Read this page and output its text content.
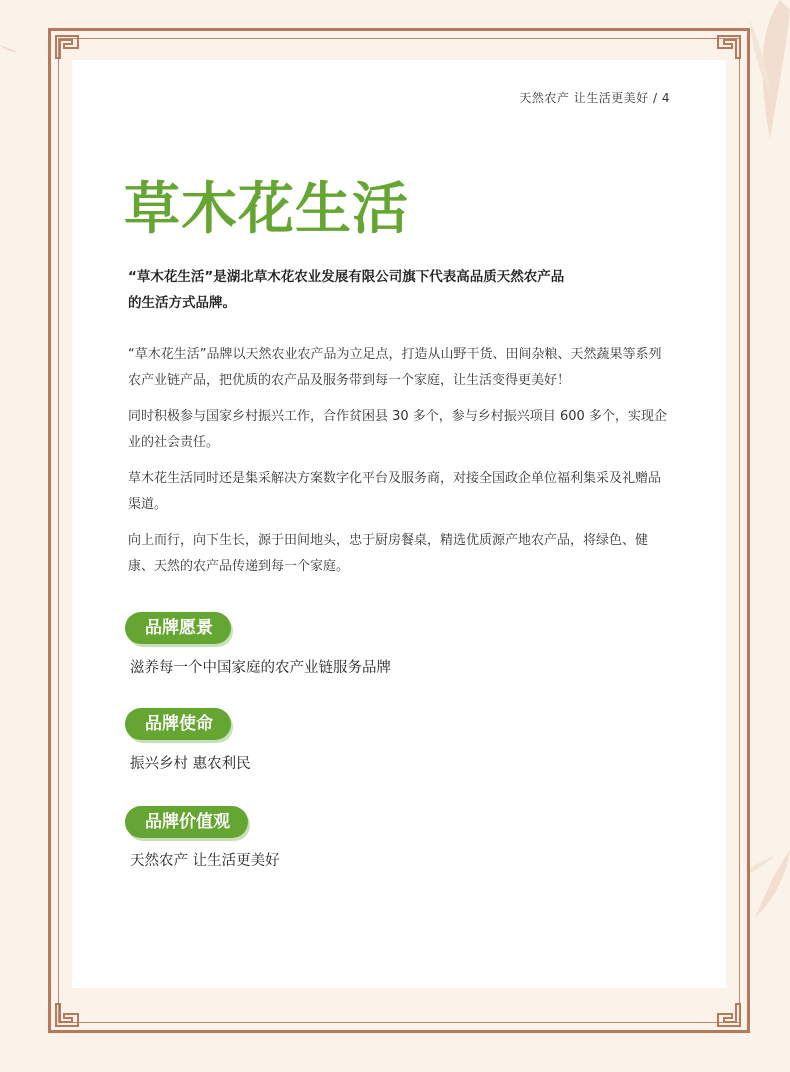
天然农产 让生活更美好 / 4
草木花生活
“草木花生活”是湖北草木花农业发展有限公司旗下代表高品质天然农产品的生活方式品牌。
“草木花生活”品牌以天然农业农产品为立足点，打造从山野干货、田间杂粮、天然蔬果等系列农产业链产品，把优质的农产品及服务带到每一个家庭，让生活变得更美好！
同时积极参与国家乡村振兴工作，合作贫困县 30 多个，参与乡村振兴项目 600 多个，实现企业的社会责任。
草木花生活同时还是集采解决方案数字化平台及服务商，对接全国政企单位福利集采及礼赠品渠道。
向上而行，向下生长，源于田间地头，忠于厨房餐桌，精选优质源产地农产品，将绿色、健康、天然的农产品传递到每一个家庭。
品牌愿景
滋养每一个中国家庭的农产业链服务品牌
品牌使命
振兴乡村 惠农利民
品牌价值观
天然农产 让生活更美好
